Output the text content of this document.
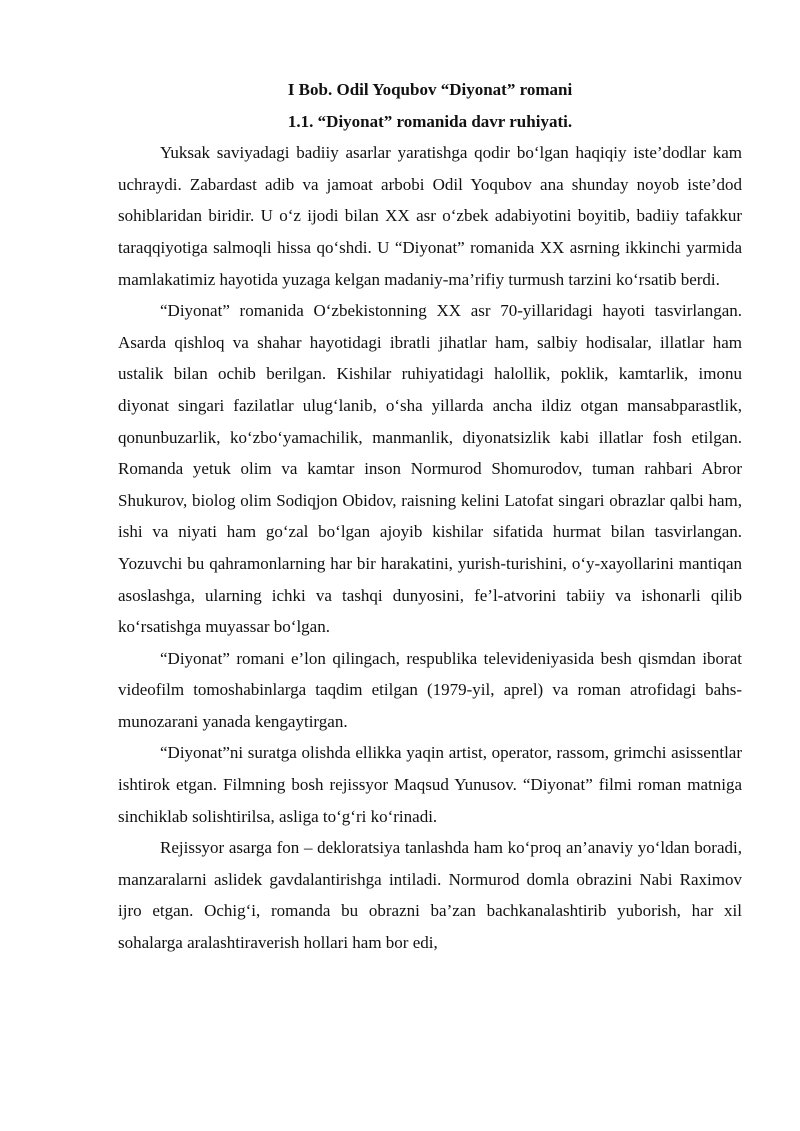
I Bob. Odil Yoqubov “Diyonat” romani

1.1. “Diyonat” romanida davr ruhiyati.

Yuksak saviyadagi badiiy asarlar yaratishga qodir bo‘lgan haqiqiy iste’dodlar kam uchraydi. Zabardast adib va jamoat arbobi Odil Yoqubov ana shunday noyob iste’dod sohiblaridan biridir. U o‘z ijodi bilan XX asr o‘zbek adabiyotini boyitib, badiiy tafakkur taraqqiyotiga salmoqli hissa qo‘shdi. U “Diyonat” romanida XX asrning ikkinchi yarmida mamlakatimiz hayotida yuzaga kelgan madaniy-ma’rifiy turmush tarzini ko‘rsatib berdi.

“Diyonat” romanida O‘zbekistonning XX asr 70-yillaridagi hayoti tasvirlangan. Asarda qishloq va shahar hayotidagi ibratli jihatlar ham, salbiy hodisalar, illatlar ham ustalik bilan ochib berilgan. Kishilar ruhiyatidagi halollik, poklik, kamtarlik, imonu diyonat singari fazilatlar ulug‘lanib, o‘sha yillarda ancha ildiz otgan mansabparastlik, qonunbuzarlik, ko‘zbo‘yamachilik, manmanlik, diyonatsizlik kabi illatlar fosh etilgan. Romanda yetuk olim va kamtar inson Normurod Shomurodov, tuman rahbari Abror Shukurov, biolog olim Sodiqjon Obidov, raisning kelini Latofat singari obrazlar qalbi ham, ishi va niyati ham go‘zal bo‘lgan ajoyib kishilar sifatida hurmat bilan tasvirlangan. Yozuvchi bu qahramonlarning har bir harakatini, yurish-turishini, o‘y-xayollarini mantiqan asoslashga, ularning ichki va tashqi dunyosini, fe’l-atvorini tabiiy va ishonarli qilib ko‘rsatishga muyassar bo‘lgan.

“Diyonat” romani e’lon qilingach, respublika televideniyasida besh qismdan iborat videofilm tomoshabinlarga taqdim etilgan (1979-yil, aprel) va roman atrofidagi bahs-munozarani yanada kengaytirgan.

“Diyonat”ni suratga olishda ellikka yaqin artist, operator, rassom, grimchi asissentlar ishtirok etgan. Filmning bosh rejissyor Maqsud Yunusov. “Diyonat” filmi roman matniga sinchiklab solishtirilsa, asliga to‘g‘ri ko‘rinadi.

Rejissyor asarga fon – dekloratsiya tanlashda ham ko‘proq an’anaviy yo‘ldan boradi, manzaralarni aslidek gavdalantirishga intiladi. Normurod domla obrazini Nabi Raximov ijro etgan. Ochig‘i, romanda bu obrazni ba’zan bachkanalashtirib yuborish, har xil sohalarga aralashtiraverish hollari ham bor edi,
